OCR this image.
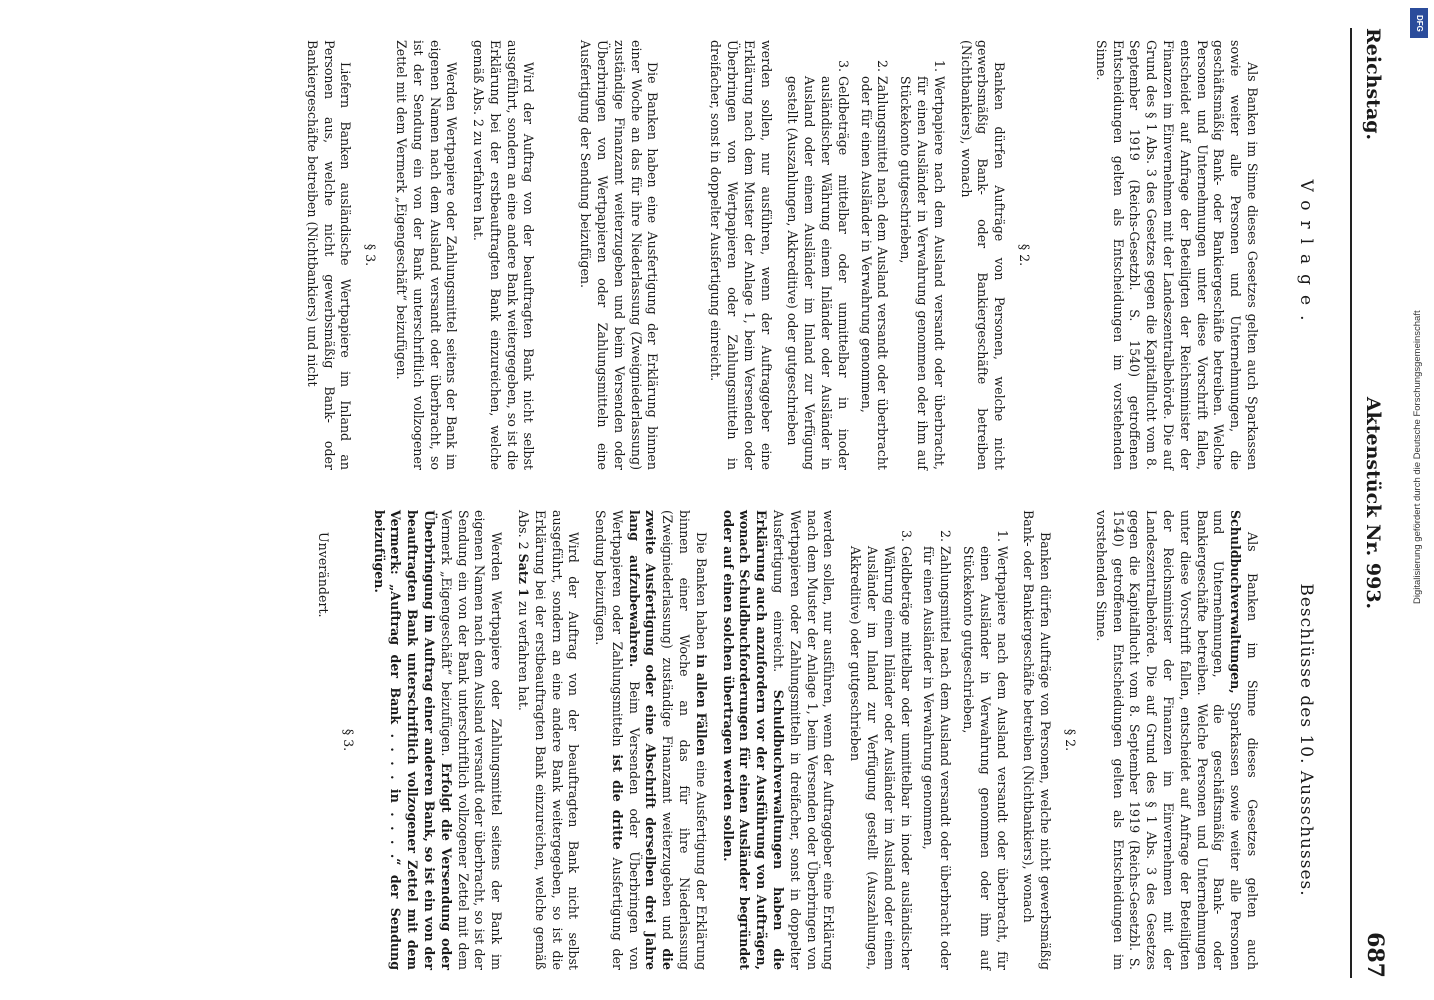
Reichstag.
Aktenstück Nr. 993.
687
Vorlage.
Beschlüsse des 10. Ausschusses.

Als Banken im Sinne dieses Gesetzes gelten auch Sparkassen sowie weiter alle Personen und Unternehmungen, die geschäftsmäßig Bank- oder Bankiergeschäfte betreiben. Welche Personen und Unternehmungen unter diese Vorschrift fallen, entscheidet auf Anfrage der Beteiligten der Reichsminister der Finanzen im Einvernehmen mit der Landeszentralbehörde. Die auf Grund des § 1 Abs. 3 des Gesetzes gegen die Kapitalflucht vom 8. September 1919 (Reichs-Gesetzbl. S. 1540) getroffenen Entscheidungen gelten als Entscheidungen im vorstehenden Sinne.

§ 2.

Banken dürfen Aufträge von Personen, welche nicht gewerbsmäßig Bank- oder Bankiergeschäfte betreiben (Nichtbankiers), wonach

1. Wertpapiere nach dem Ausland versandt oder überbracht, für einen Ausländer in Verwahrung genommen oder ihm auf Stückekonto gutgeschrieben,
2. Zahlungsmittel nach dem Ausland versandt oder überbracht oder für einen Ausländer in Verwahrung genommen,
3. Geldbeträge mittelbar oder unmittelbar in inoder ausländischer Währung einem Inländer oder Ausländer in Ausland oder einem Ausländer im Inland zur Verfügung gestellt (Auszahlungen, Akkreditive) oder gutgeschrieben

werden sollen, nur ausführen, wenn der Auftraggeber eine Erklärung nach dem Muster der Anlage 1, beim Versenden oder Überbringen von Wertpapieren oder Zahlungsmitteln in dreifacher, sonst in doppelter Ausfertigung einreicht.

Die Banken haben eine Ausfertigung der Erklärung binnen einer Woche an das für ihre Niederlassung (Zweigniederlassung) zuständige Finanzamt weiterzugeben und beim Versenden oder Überbringen von Wertpapieren oder Zahlungsmitteln eine Ausfertigung der Sendung beizufügen.

Wird der Auftrag von der beauftragten Bank nicht selbst ausgeführt, sondern an eine andere Bank weitergegeben, so ist die Erklärung bei der erstbeauftragten Bank einzureichen, welche gemäß Abs. 2 zu verfahren hat.

Werden Wertpapiere oder Zahlungsmittel seitens der Bank im eigenen Namen nach dem Ausland versandt oder überbracht, so ist der Sendung ein von der Bank unterschriftlich vollzogener Zettel mit dem Vermerk „Eigengeschäft“ beizufügen.

§ 3.

Liefern Banken ausländische Wertpapiere im Inland an Personen aus, welche nicht gewerbsmäßig Bank- oder Bankiergeschäfte betreiben (Nichtbankiers) und nicht

Als Banken im Sinne dieses Gesetzes gelten auch Schuldbuchverwaltungen, Sparkassen sowie weiter alle Personen und Unternehmungen, die geschäftsmäßig Bank- oder Bankiergeschäfte betreiben. Welche Personen und Unternehmungen unter diese Vorschrift fallen, entscheidet auf Anfrage der Beteiligten der Reichsminister der Finanzen im Einvernehmen mit der Landeszentralbehörde. Die auf Grund des § 1 Abs. 3 des Gesetzes gegen die Kapitalflucht vom 8. September 1919 (Reichs-Gesetzbl. S. 1540) getroffenen Entscheidungen gelten als Entscheidungen im vorstehenden Sinne.

§ 2.

Banken dürfen Aufträge von Personen, welche nicht gewerbsmäßig Bank- oder Bankiergeschäfte betreiben (Nichtbankiers), wonach

1. Wertpapiere nach dem Ausland versandt oder überbracht, für einen Ausländer in Verwahrung genommen oder ihm auf Stückekonto gutgeschrieben,
2. Zahlungsmittel nach dem Ausland versandt oder überbracht oder für einen Ausländer in Verwahrung genommen,
3. Geldbeträge mittelbar oder unmittelbar in inoder ausländischer Währung einem Inländer oder Ausländer im Ausland oder einem Ausländer im Inland zur Verfügung gestellt (Auszahlungen, Akkreditive) oder gutgeschrieben

werden sollen, nur ausführen, wenn der Auftraggeber eine Erklärung nach dem Muster der Anlage 1, beim Versenden oder Überbringen von Wertpapieren oder Zahlungsmitteln in dreifacher, sonst in doppelter Ausfertigung einreicht. Schuldbuchverwaltungen haben die Erklärung auch anzufordern vor der Ausführung von Aufträgen, wonach Schuldbuchforderungen für einen Ausländer begründet oder auf einen solchen übertragen werden sollen.

Die Banken haben in allen Fällen eine Ausfertigung der Erklärung binnen einer Woche an das für ihre Niederlassung (Zweigniederlassung) zuständige Finanzamt weiterzugeben und die zweite Ausfertigung oder eine Abschrift derselben drei Jahre lang aufzubewahren. Beim Versenden oder Überbringen von Wertpapieren oder Zahlungsmitteln ist die dritte Ausfertigung der Sendung beizufügen.

Wird der Auftrag von der beauftragten Bank nicht selbst ausgeführt, sondern an eine andere Bank weitergegeben, so ist die Erklärung bei der erstbeauftragten Bank einzureichen, welche gemäß Abs. 2 Satz 1 zu verfahren hat.

Werden Wertpapiere oder Zahlungsmittel seitens der Bank im eigenen Namen nach dem Ausland versandt oder überbracht, so ist der Sendung ein von der Bank unterschriftlich vollzogener Zettel mit dem Vermerk „Eigengeschäft“ beizufügen. Erfolgt die Versendung oder Überbringung im Auftrag einer anderen Bank, so ist ein von der beauftragten Bank unterschriftlich vollzogener Zettel mit dem Vermerk: „Auftrag der Bank . . . . in . . . .“ der Sendung beizufügen.

§ 3.

Unverändert.

DFG
Digitalisierung gefördert durch die Deutsche Forschungsgemeinschaft
